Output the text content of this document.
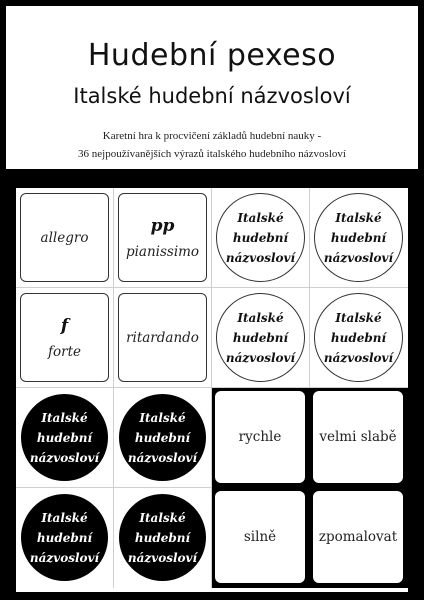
Hudební pexeso
Italské hudební názvosloví
Karetní hra k procvičení základů hudební nauky -
36 nejpoužívanějších výrazů italského hudebního názvosloví
allegro
pp
pianissimo
Italské
hudební
názvosloví
Italské
hudební
názvosloví
f
forte
ritardando
Italské
hudební
názvosloví
Italské
hudební
názvosloví
Italské
hudební
názvosloví
Italské
hudební
názvosloví
rychle	velmi slabě
Italské
hudební
názvosloví
Italské
hudební
názvosloví
silně	zpomalovat
